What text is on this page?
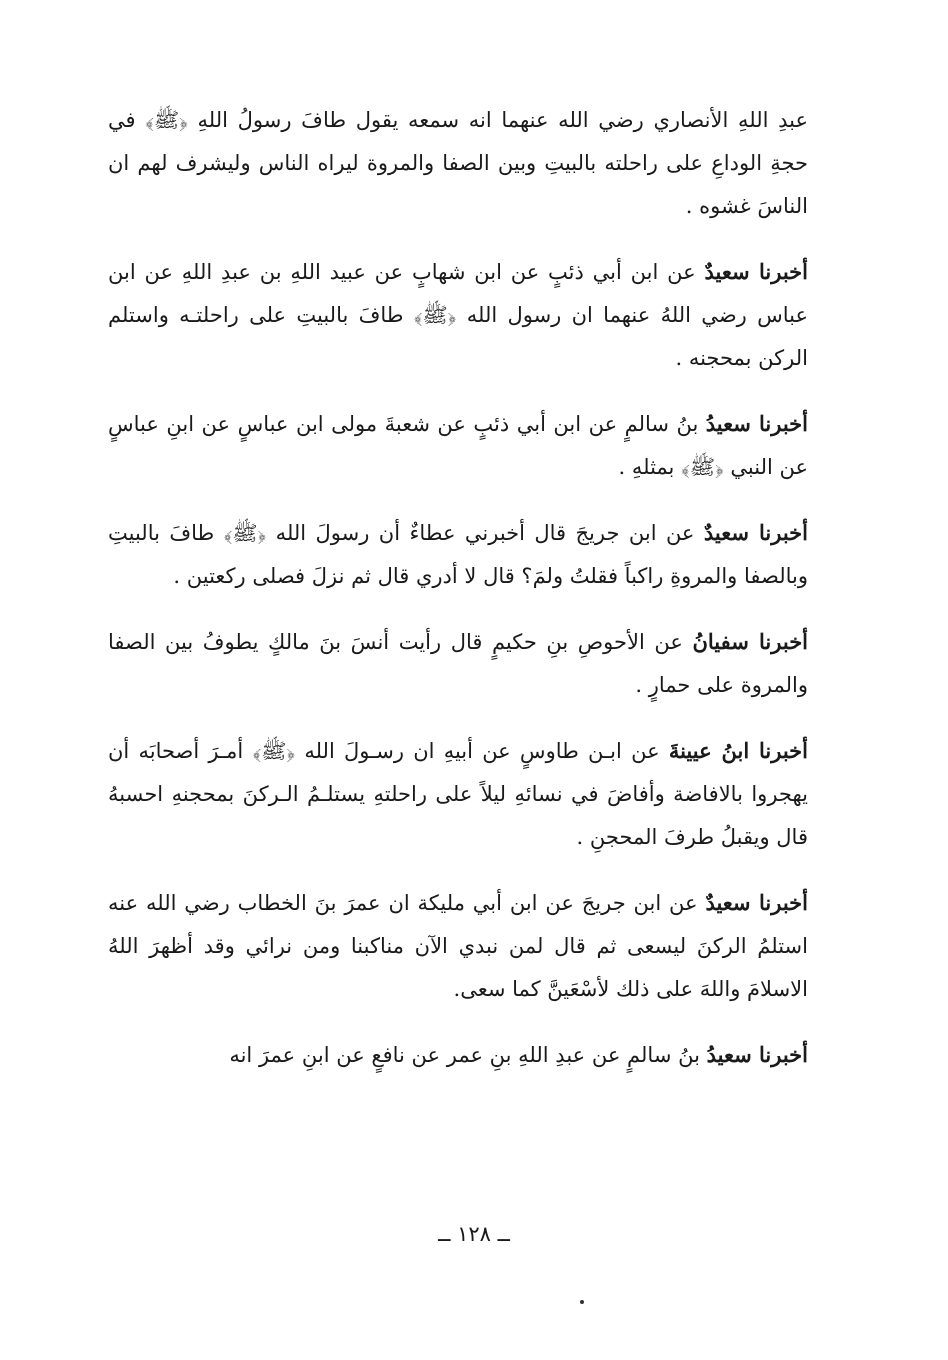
عبدِ اللهِ الأنصاري رضي الله عنهما انه سمعه يقول طافَ رسولُ اللهِ ﴿ﷺ﴾ في حجةِ الوداعِ على راحلته بالبيتِ وبين الصفا والمروة ليراه الناس وليشرف لهم ان الناسَ غشوه .

أخبرنا سعيدٌ عن ابن أبي ذئبٍ عن ابن شهابٍ عن عبيد اللهِ بن عبدِ اللهِ عن ابن عباس رضي اللهُ عنهما ان رسول الله ﴿ﷺ﴾ طافَ بالبيتِ على راحلتـه واستلم الركن بمحجنه .

أخبرنا سعيدُ بنُ سالمٍ عن ابن أبي ذئبٍ عن شعبةَ مولى ابن عباسٍ عن ابنِ عباسٍ عن النبي ﴿ﷺ﴾ بمثلهِ .

أخبرنا سعيدٌ عن ابن جريجَ قال أخبرني عطاءٌ أن رسولَ الله ﴿ﷺ﴾ طافَ بالبيتِ وبالصفا والمروةِ راكباً فقلتُ ولمَ؟ قال لا أدري قال ثم نزلَ فصلى ركعتين .

أخبرنا سفيانُ عن الأحوصِ بنِ حكيمٍ قال رأيت أنسَ بنَ مالكٍ يطوفُ بين الصفا والمروة على حمارٍ .

أخبرنا ابنُ عيينةَ عن ابـن طاوسٍ عن أبيهِ ان رسـولَ الله ﴿ﷺ﴾ أمـرَ أصحابَه أن يهجروا بالافاضة وأفاضَ في نسائهِ ليلاً على راحلتهِ يستلـمُ الـركنَ بمحجنهِ احسبهُ قال ويقبلُ طرفَ المحجنِ .

أخبرنا سعيدٌ عن ابن جريجَ عن ابن أبي مليكة ان عمرَ بنَ الخطاب رضي الله عنه استلمُ الركنَ ليسعى ثم قال لمن نبدي الآن مناكبنا ومن نرائي وقد أظهرَ اللهُ الاسلامَ واللهَ على ذلك لأسْعَينَّ كما سعى.

أخبرنا سعيدُ بنُ سالمٍ عن عبدِ اللهِ بنِ عمر عن نافعٍ عن ابنِ عمرَ انه

ــ ١٢٨ ــ
